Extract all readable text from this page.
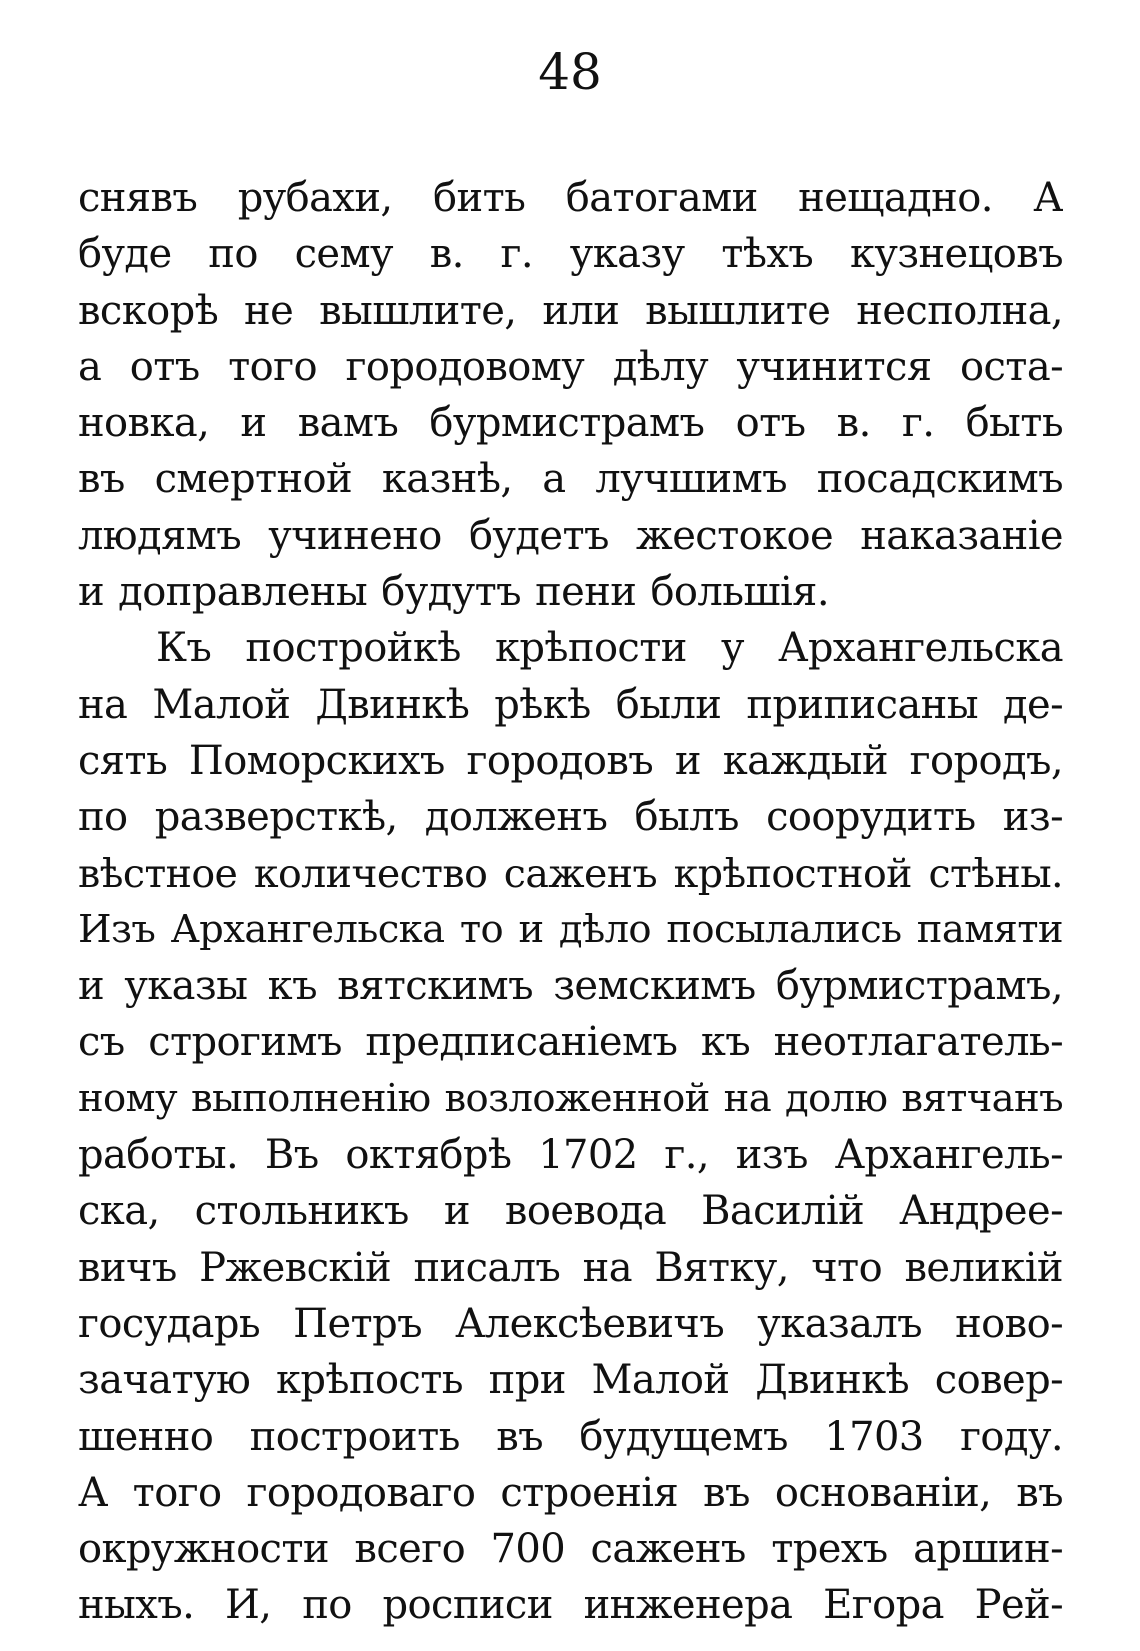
48
снявъ рубахи, бить батогами нещадно. А
буде по сему в. г. указу тѣхъ кузнецовъ
вскорѣ не вышлите, или вышлите несполна,
а отъ того городовому дѣлу учинится оста-
новка, и вамъ бурмистрамъ отъ в. г. быть
въ смертной казнѣ, а лучшимъ посадскимъ
людямъ учинено будетъ жестокое наказаніе
и доправлены будутъ пени большія.
Къ постройкѣ крѣпости у Архангельска
на Малой Двинкѣ рѣкѣ были приписаны де-
сять Поморскихъ городовъ и каждый городъ,
по разверсткѣ, долженъ былъ соорудить из-
вѣстное количество саженъ крѣпостной стѣны.
Изъ Архангельска то и дѣло посылались памяти
и указы къ вятскимъ земскимъ бурмистрамъ,
съ строгимъ предписаніемъ къ неотлагатель-
ному выполненію возложенной на долю вятчанъ
работы. Въ октябрѣ 1702 г., изъ Архангель-
ска, стольникъ и воевода Василій Андрее-
вичъ Ржевскій писалъ на Вятку, что великій
государь Петръ Алексѣевичъ указалъ ново-
зачатую крѣпость при Малой Двинкѣ совер-
шенно построить въ будущемъ 1703 году.
А того городоваго строенія въ основаніи, въ
окружности всего 700 саженъ трехъ аршин-
ныхъ. И, по росписи инженера Егора Рей-
